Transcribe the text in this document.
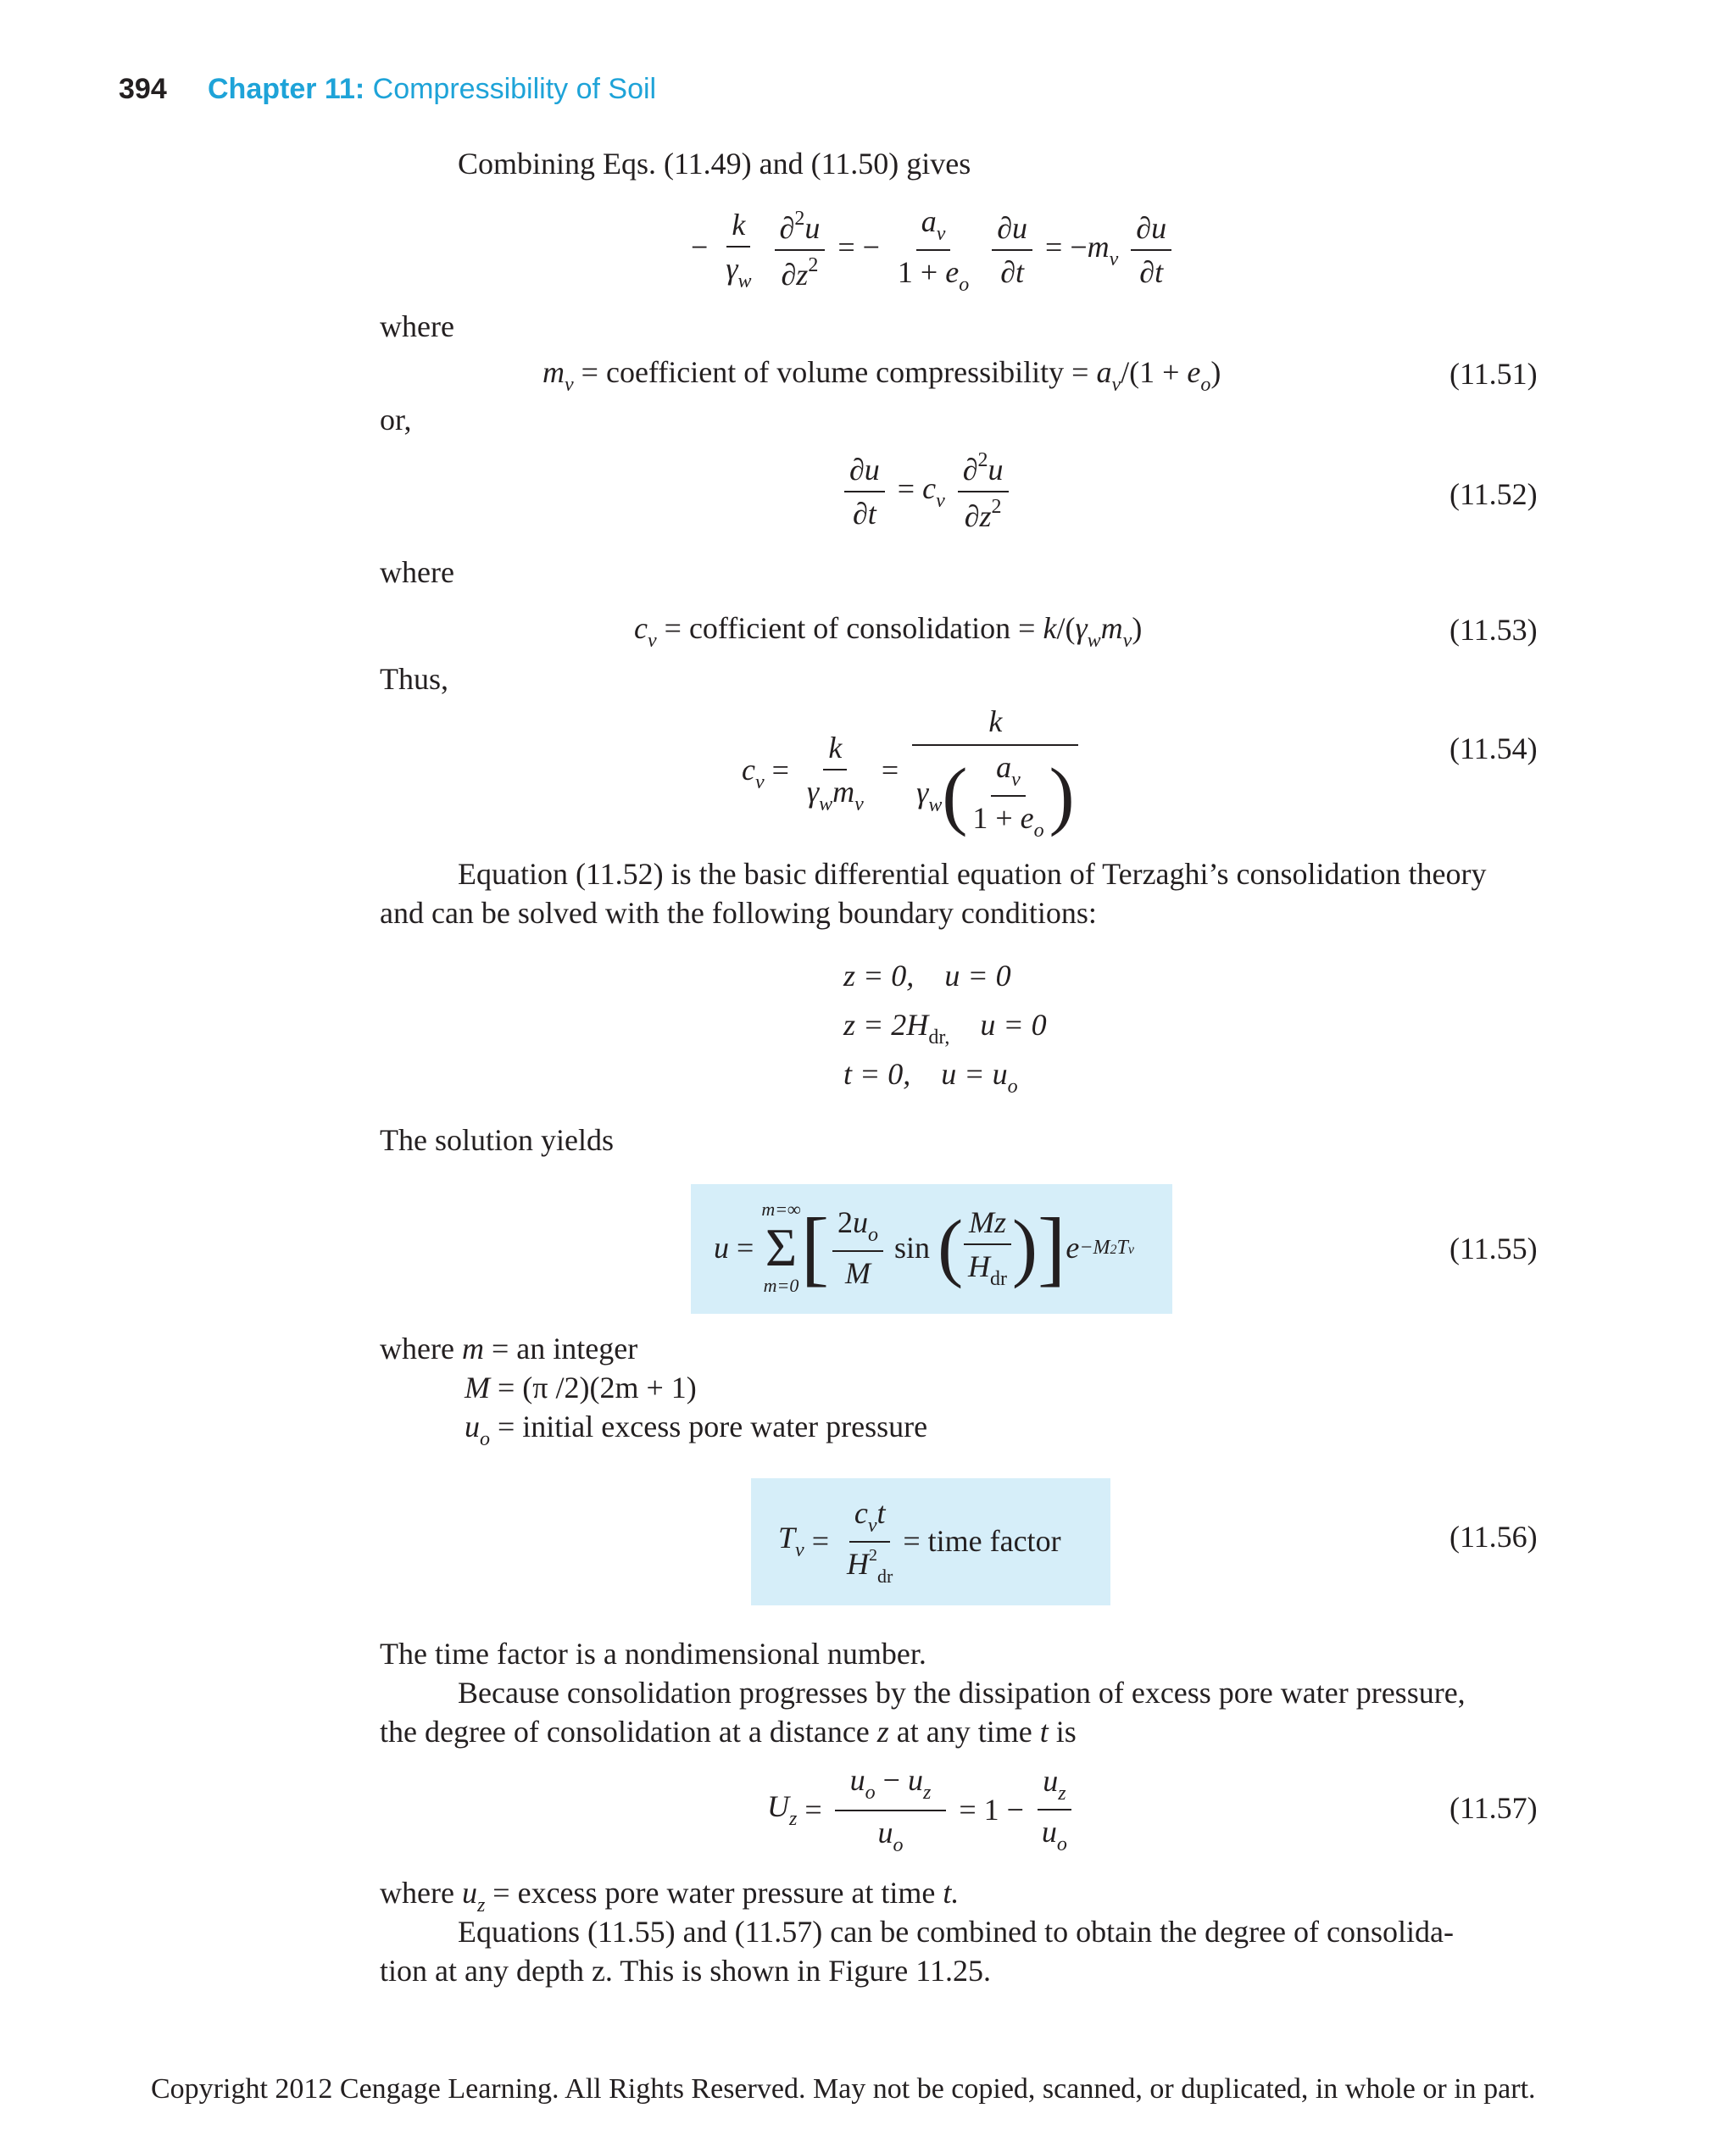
394 Chapter 11: Compressibility of Soil
Combining Eqs. (11.49) and (11.50) gives
− $\frac{k}{\gamma_w}$
$\frac{\partial^2u}{\partial z^2}$ = − $\frac{a_v}{1 + e_o}$
$\frac{\partial u}{\partial t} = -m_v \frac{\partial u}{\partial t}$
where
$m_v$ = coefficient of volume compressibility = $a_v/(1 + e_o)$	(11.51)
or,
$\frac{\partial u}{\partial t} = c_v \frac{\partial^2u}{\partial z^2}$	(11.52)
where
$c_v$ = cofficient of consolidation = $k/(\gamma_wm_v)$	(11.53)
Thus,
$c_v = \frac{k}{\gamma_wm_v} = \frac{k}{\gamma_w( \frac{a_v}{1 + e_o} )}$	(11.54)
Equation (11.52) is the basic differential equation of Terzaghi’s consolidation theory
and can be solved with the following boundary conditions:
z = 0, u = 0
$z = 2H_{dr,}$ u = 0
t = 0, $u = u_o$
The solution yields
u =
m=∞
Σ
m=0 [ $\frac{2u_o}{M}$ sin ( $\frac{Mz}{H_{dr}}$ ) ] e −M2Tv	(11.55)
where m = an integer
M = (π /2)(2m + 1)
$u_o$ = initial excess pore water pressure
$T_v = \frac{c_vt}{H^2_{dr}}$ = time factor	(11.56)
The time factor is a nondimensional number.
Because consolidation progresses by the dissipation of excess pore water pressure,
the degree of consolidation at a distance z at any time t is
$U_z = \frac{u_o - u_z}{u_o} = 1 - \frac{u_z}{u_o}$	(11.57)
where $u_z$ = excess pore water pressure at time t.
Equations (11.55) and (11.57) can be combined to obtain the degree of consolida-
tion at any depth z. This is shown in Figure 11.25.
Copyright 2012 Cengage Learning. All Rights Reserved. May not be copied, scanned, or duplicated, in whole or in part.
